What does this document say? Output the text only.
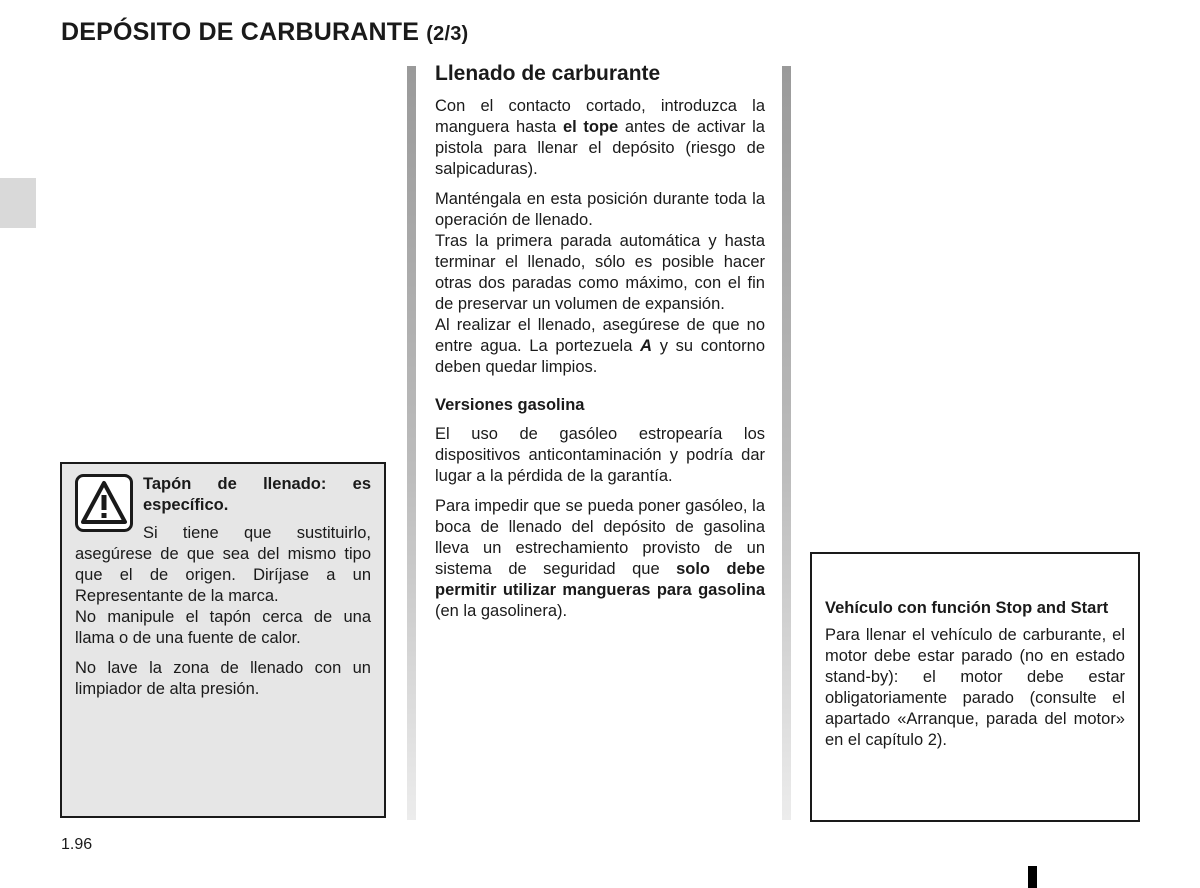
DEPÓSITO DE CARBURANTE (2/3)
Llenado de carburante

Con el contacto cortado, introduzca la manguera hasta el tope antes de activar la pistola para llenar el depósito (riesgo de salpicaduras).

Manténgala en esta posición durante toda la operación de llenado.

Tras la primera parada automática y hasta terminar el llenado, sólo es posible hacer otras dos paradas como máximo, con el fin de preservar un volumen de expansión.

Al realizar el llenado, asegúrese de que no entre agua. La portezuela A y su contorno deben quedar limpios.

Versiones gasolina

El uso de gasóleo estropearía los dispositivos anticontaminación y podría dar lugar a la pérdida de la garantía.

Para impedir que se pueda poner gasóleo, la boca de llenado del depósito de gasolina lleva un estrechamiento provisto de un sistema de seguridad que solo debe permitir utilizar mangueras para gasolina (en la gasolinera).

Tapón de llenado: es específico.

Si tiene que sustituirlo, asegúrese de que sea del mismo tipo que el de origen. Diríjase a un Representante de la marca.

No manipule el tapón cerca de una llama o de una fuente de calor.

No lave la zona de llenado con un limpiador de alta presión.

Vehículo con función Stop and Start

Para llenar el vehículo de carburante, el motor debe estar parado (no en estado stand-by): el motor debe estar obligatoriamente parado (consulte el apartado «Arranque, parada del motor» en el capítulo 2).

1.96
